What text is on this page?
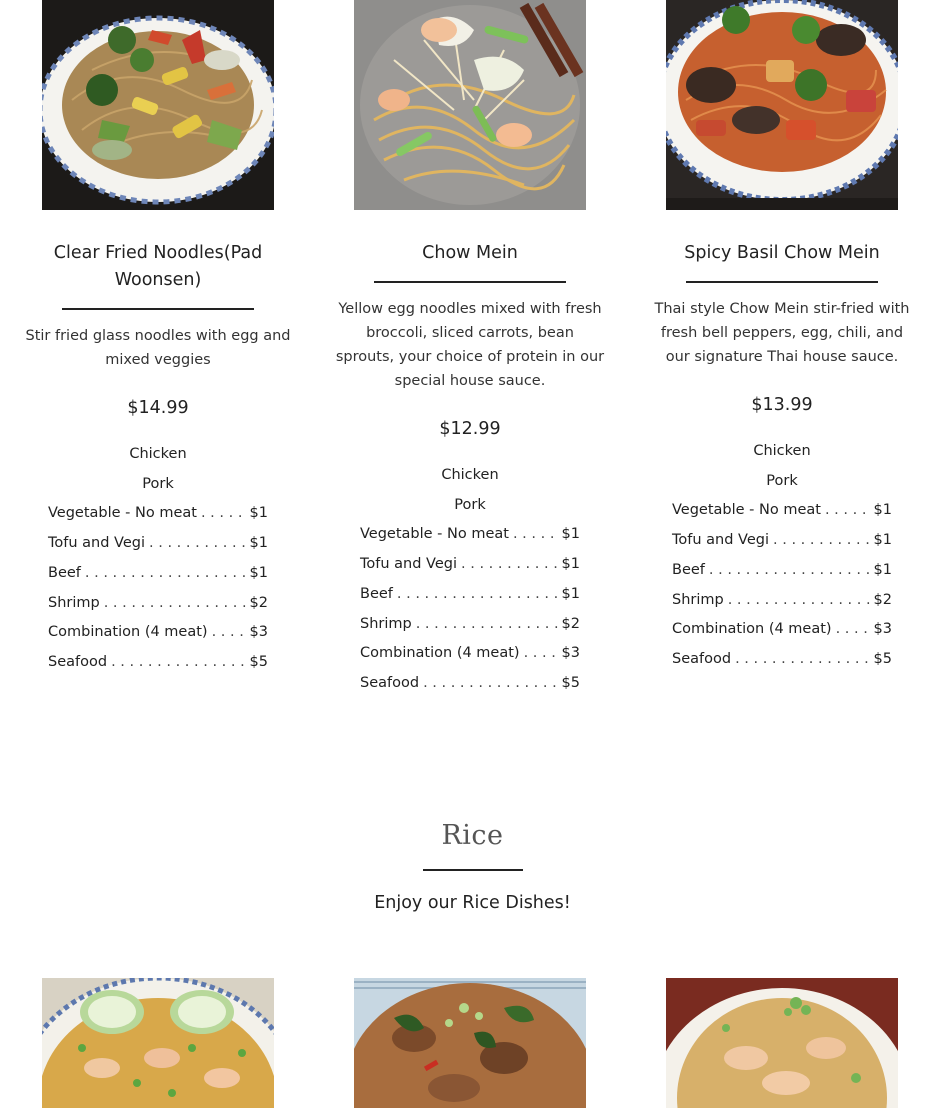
Clear Fried Noodles(Pad Woonsen)
Stir fried glass noodles with egg and mixed veggies
$14.99
Chicken
Pork
Vegetable - No meat . . .	$1
Tofu and Vegi . . .	$1
Beef . . .	$1
Shrimp . . .	$2
Combination (4 meat) . . .	$3
Seafood . . .	$5
Chow Mein
Yellow egg noodles mixed with fresh broccoli, sliced carrots, bean sprouts, your choice of protein in our special house sauce.
$12.99
Chicken
Pork
Vegetable - No meat . . .	$1
Tofu and Vegi . . .	$1
Beef . . .	$1
Shrimp . . .	$2
Combination (4 meat) . . .	$3
Seafood . . .	$5
Spicy Basil Chow Mein
Thai style Chow Mein stir-fried with fresh bell peppers, egg, chili, and our signature Thai house sauce.
$13.99
Chicken
Pork
Vegetable - No meat . . .	$1
Tofu and Vegi . . .	$1
Beef . . .	$1
Shrimp . . .	$2
Combination (4 meat) . . .	$3
Seafood . . .	$5
Rice
Enjoy our Rice Dishes!
